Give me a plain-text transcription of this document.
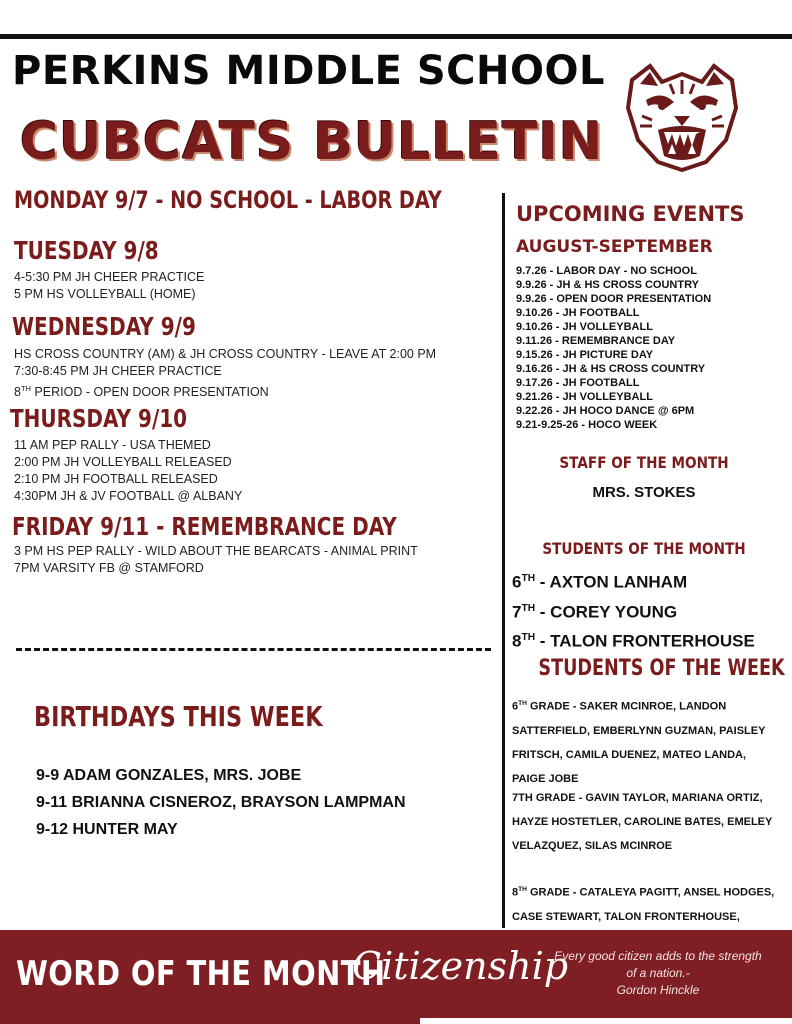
PERKINS MIDDLE SCHOOL
CUBCATS BULLETIN
MONDAY 9/7 - NO SCHOOL - LABOR DAY
TUESDAY 9/8
4-5:30 PM JH CHEER PRACTICE
5 PM HS VOLLEYBALL (HOME)
WEDNESDAY 9/9
HS CROSS COUNTRY (AM) & JH CROSS COUNTRY - LEAVE AT 2:00 PM
7:30-8:45 PM JH CHEER PRACTICE
8TH PERIOD - OPEN DOOR PRESENTATION
THURSDAY 9/10
11 AM PEP RALLY - USA THEMED
2:00 PM JH VOLLEYBALL RELEASED
2:10 PM JH FOOTBALL RELEASED
4:30PM JH & JV FOOTBALL @ ALBANY
FRIDAY 9/11 - REMEMBRANCE DAY
3 PM HS PEP RALLY - WILD ABOUT THE BEARCATS - ANIMAL PRINT
7PM VARSITY FB @ STAMFORD
BIRTHDAYS THIS WEEK
9-9 ADAM GONZALES, MRS. JOBE
9-11 BRIANNA CISNEROZ, BRAYSON LAMPMAN
9-12 HUNTER MAY
UPCOMING EVENTS
AUGUST-SEPTEMBER
9.7.26 - LABOR DAY - NO SCHOOL
9.9.26 - JH & HS CROSS COUNTRY
9.9.26 - OPEN DOOR PRESENTATION
9.10.26 - JH FOOTBALL
9.10.26 - JH VOLLEYBALL
9.11.26 - REMEMBRANCE DAY
9.15.26 - JH PICTURE DAY
9.16.26 - JH & HS CROSS COUNTRY
9.17.26 - JH FOOTBALL
9.21.26 - JH VOLLEYBALL
9.22.26 - JH HOCO DANCE @ 6PM
9.21-9.25-26 - HOCO WEEK
STAFF OF THE MONTH
MRS. STOKES
STUDENTS OF THE MONTH
6TH - AXTON LANHAM
7TH - COREY YOUNG
8TH - TALON FRONTERHOUSE
STUDENTS OF THE WEEK
6TH GRADE - SAKER MCINROE, LANDON SATTERFIELD, EMBERLYNN GUZMAN, PAISLEY FRITSCH, CAMILA DUENEZ, MATEO LANDA, PAIGE JOBE
7TH GRADE - GAVIN TAYLOR, MARIANA ORTIZ, HAYZE HOSTETLER, CAROLINE BATES, EMELEY VELAZQUEZ, SILAS MCINROE
8TH GRADE - CATALEYA PAGITT, ANSEL HODGES, CASE STEWART, TALON FRONTERHOUSE,
WORD OF THE MONTH
Citizenship
Every good citizen adds to the strength of a nation.-
Gordon Hinckle
